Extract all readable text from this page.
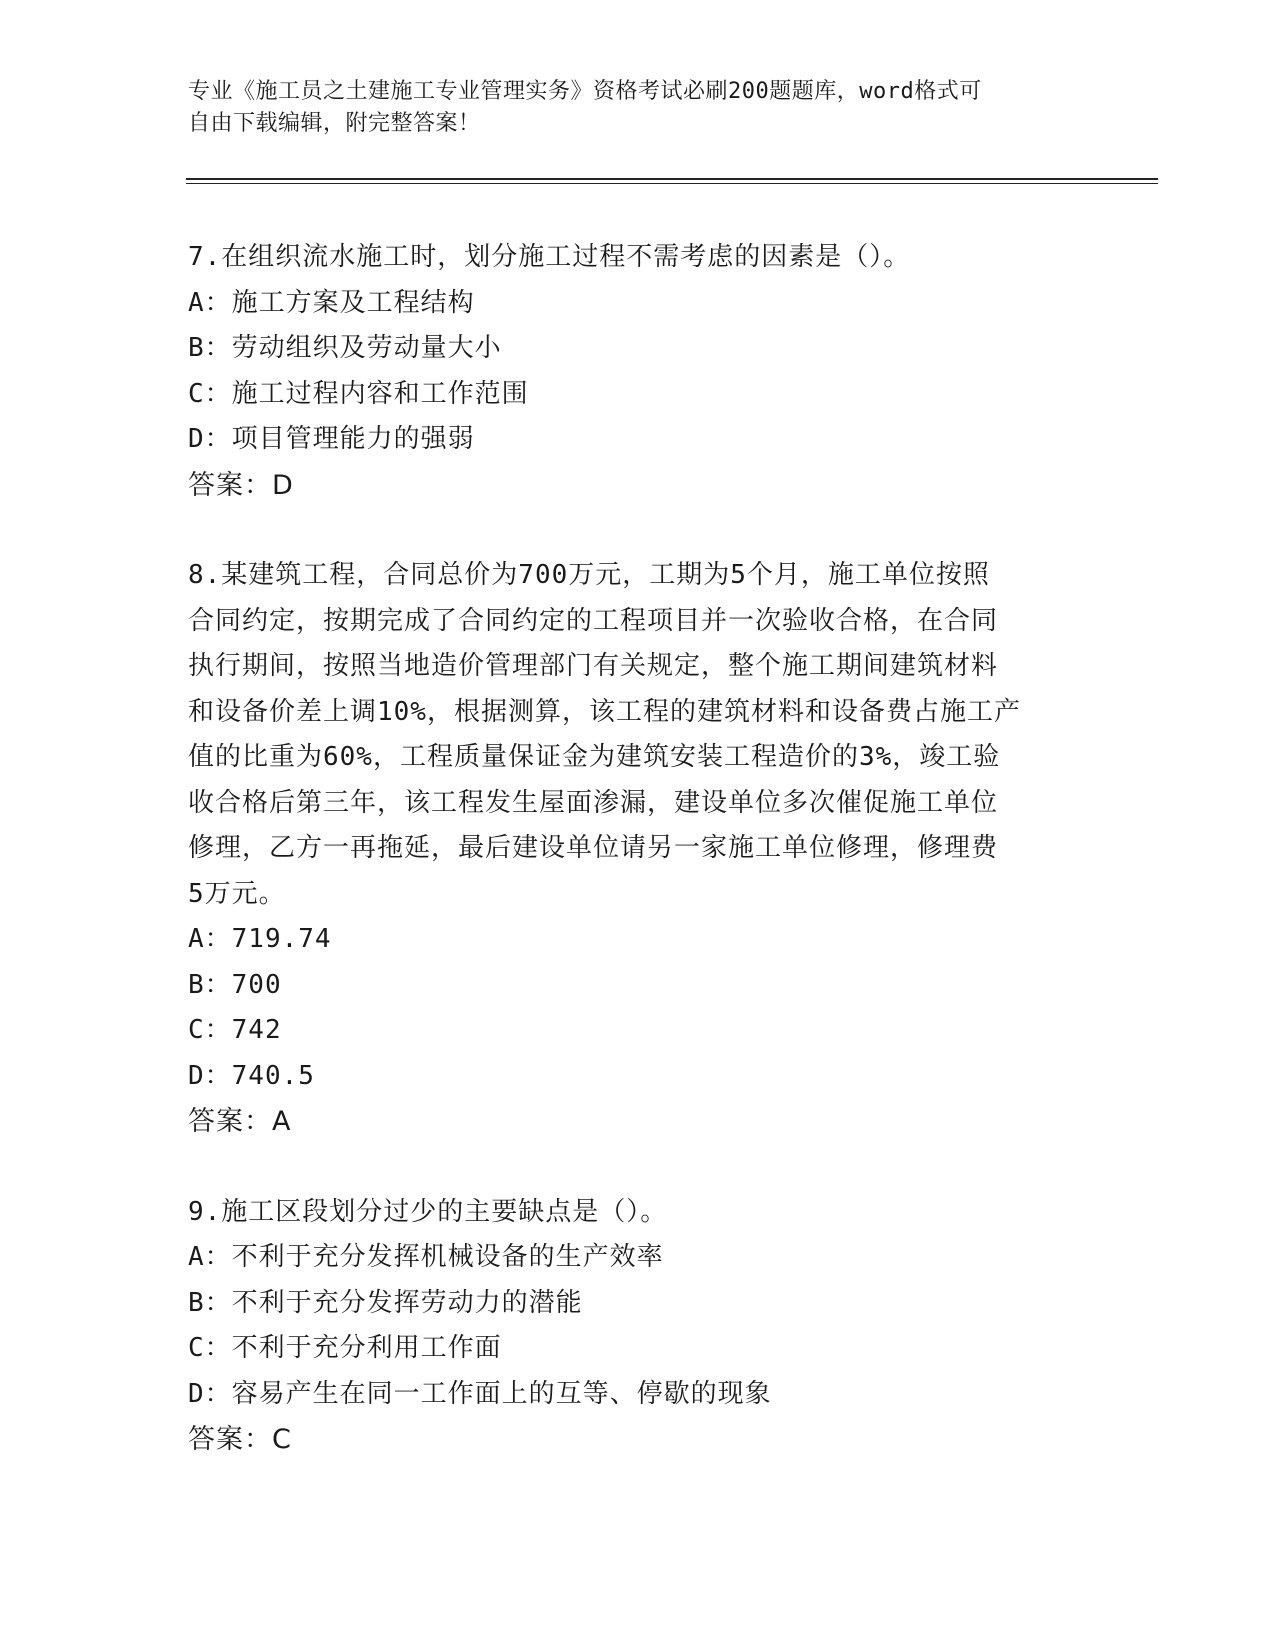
专业《施工员之土建施工专业管理实务》资格考试必刷200题题库，word格式可
自由下载编辑，附完整答案！
7.在组织流水施工时，划分施工过程不需考虑的因素是（）。
A：施工方案及工程结构
B：劳动组织及劳动量大小
C：施工过程内容和工作范围
D：项目管理能力的强弱
答案：D
8.某建筑工程，合同总价为700万元，工期为5个月，施工单位按照
合同约定，按期完成了合同约定的工程项目并一次验收合格，在合同
执行期间，按照当地造价管理部门有关规定，整个施工期间建筑材料
和设备价差上调10%，根据测算，该工程的建筑材料和设备费占施工产
值的比重为60%，工程质量保证金为建筑安装工程造价的3%，竣工验
收合格后第三年，该工程发生屋面渗漏，建设单位多次催促施工单位
修理，乙方一再拖延，最后建设单位请另一家施工单位修理，修理费
5万元。
A：719.74
B：700
C：742
D：740.5
答案：A
9.施工区段划分过少的主要缺点是（）。
A：不利于充分发挥机械设备的生产效率
B：不利于充分发挥劳动力的潜能
C：不利于充分利用工作面
D：容易产生在同一工作面上的互等、停歇的现象
答案：C
